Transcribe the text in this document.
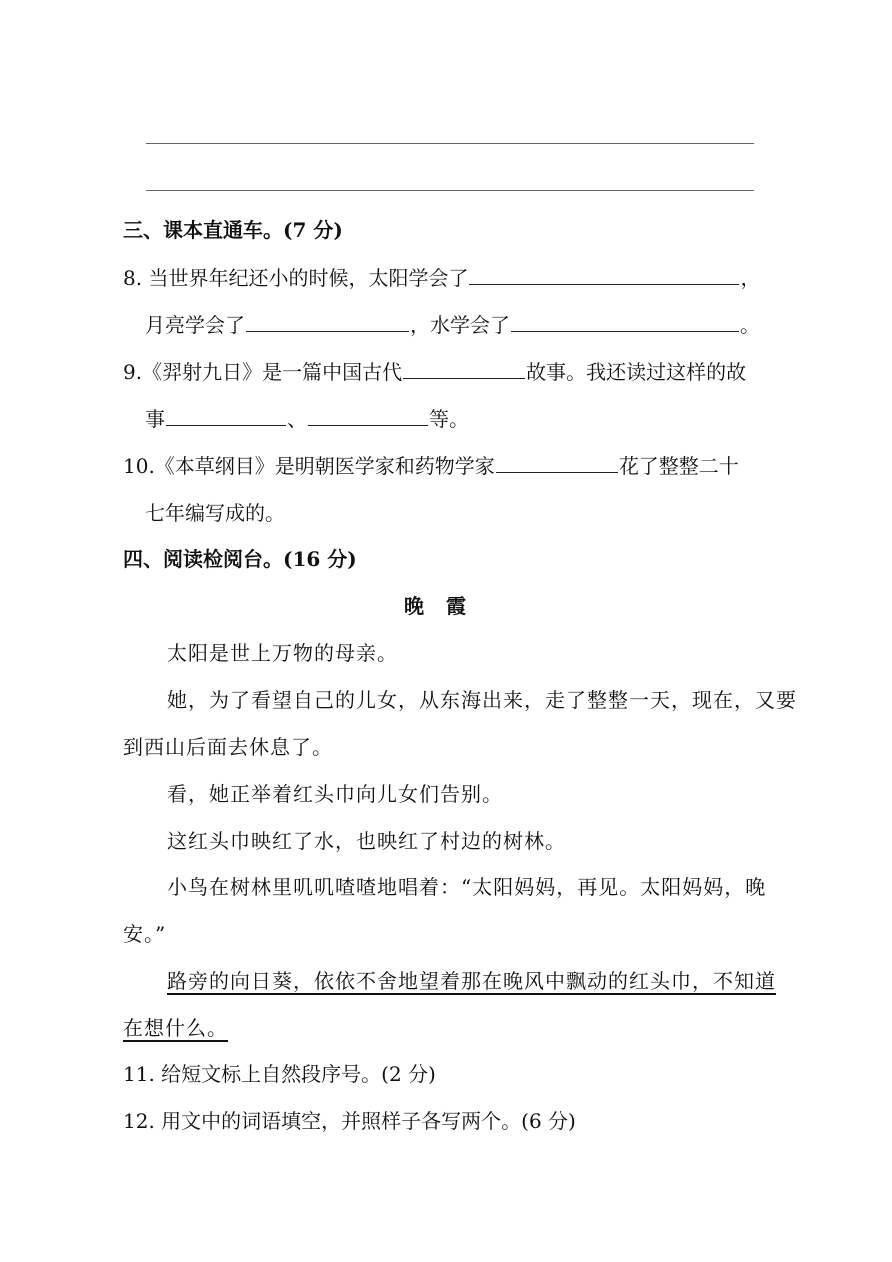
三、课本直通车。(7 分)
8. 当世界年纪还小的时候，太阳学会了	，
月亮学会了	，水学会了	。
9.《羿射九日》是一篇中国古代	故事。我还读过这样的故
事	、	等。
10.《本草纲目》是明朝医学家和药物学家	花了整整二十
七年编写成的。
四、阅读检阅台。(16 分)
晚霞
太阳是世上万物的母亲。
她，为了看望自己的儿女，从东海出来，走了整整一天，现在，又要
到西山后面去休息了。
看，她正举着红头巾向儿女们告别。
这红头巾映红了水，也映红了村边的树林。
小鸟在树林里叽叽喳喳地唱着：“太阳妈妈，再见。太阳妈妈，晚
安。”
路旁的向日葵，依依不舍地望着那在晚风中飘动的红头巾，不知道
在想什么。
11. 给短文标上自然段序号。(2 分)
12. 用文中的词语填空，并照样子各写两个。(6 分)
